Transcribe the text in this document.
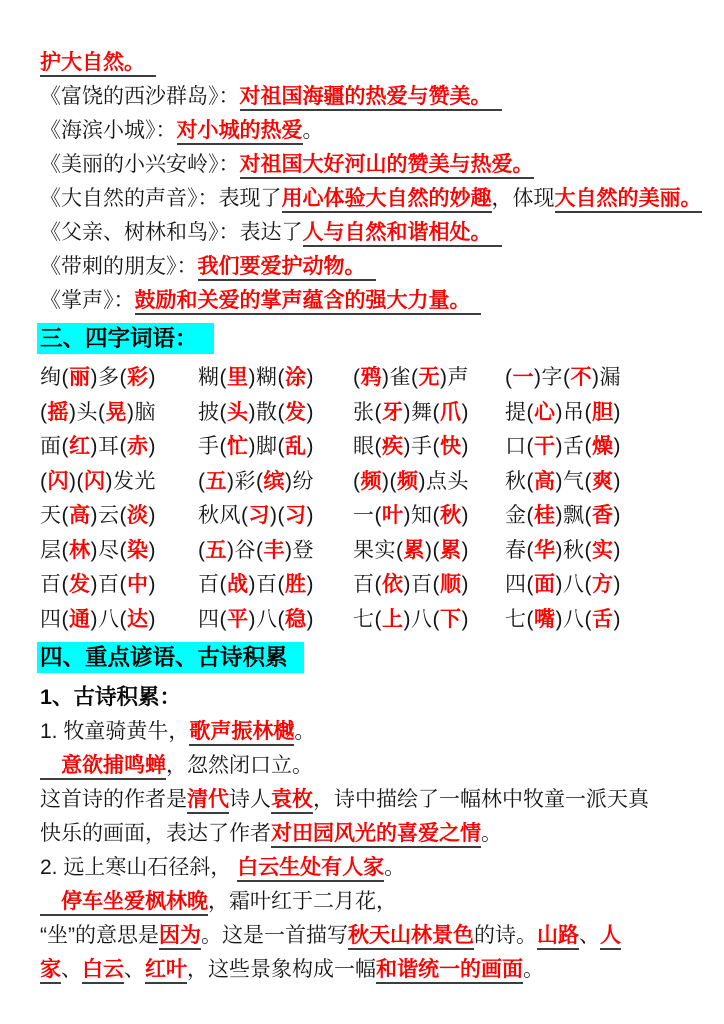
护大自然。　
《富饶的西沙群岛》：对祖国海疆的热爱与赞美。　
《海滨小城》：对小城的热爱。
《美丽的小兴安岭》：对祖国大好河山的赞美与热爱。
《大自然的声音》：表现了用心体验大自然的妙趣，体现大自然的美丽。
《父亲、树林和鸟》：表达了人与自然和谐相处。　
《带刺的朋友》：我们要爱护动物。　
《掌声》：鼓励和关爱的掌声蕴含的强大力量。　
三、四字词语：
绚(丽)多(彩)	糊(里)糊(涂)	(鸦)雀(无)声	(一)字(不)漏
(摇)头(晃)脑	披(头)散(发)	张(牙)舞(爪)	提(心)吊(胆)
面(红)耳(赤)	手(忙)脚(乱)	眼(疾)手(快)	口(干)舌(燥)
(闪)(闪)发光	(五)彩(缤)纷	(频)(频)点头	秋(高)气(爽)
天(高)云(淡)	秋风(习)(习)	一(叶)知(秋)	金(桂)飘(香)
层(林)尽(染)	(五)谷(丰)登	果实(累)(累)	春(华)秋(实)
百(发)百(中)	百(战)百(胜)	百(依)百(顺)	四(面)八(方)
四(通)八(达)	四(平)八(稳)	七(上)八(下)	七(嘴)八(舌)
四、重点谚语、古诗积累
1、古诗积累：
1. 牧童骑黄牛，歌声振林樾。
　意欲捕鸣蝉，忽然闭口立。
这首诗的作者是清代诗人袁枚，诗中描绘了一幅林中牧童一派天真
快乐的画面，表达了作者对田园风光的喜爱之情。
2. 远上寒山石径斜， 白云生处有人家。
　停车坐爱枫林晚，霜叶红于二月花，
“坐”的意思是因为。这是一首描写秋天山林景色的诗。山路、人
家、白云、红叶，这些景象构成一幅和谐统一的画面。
